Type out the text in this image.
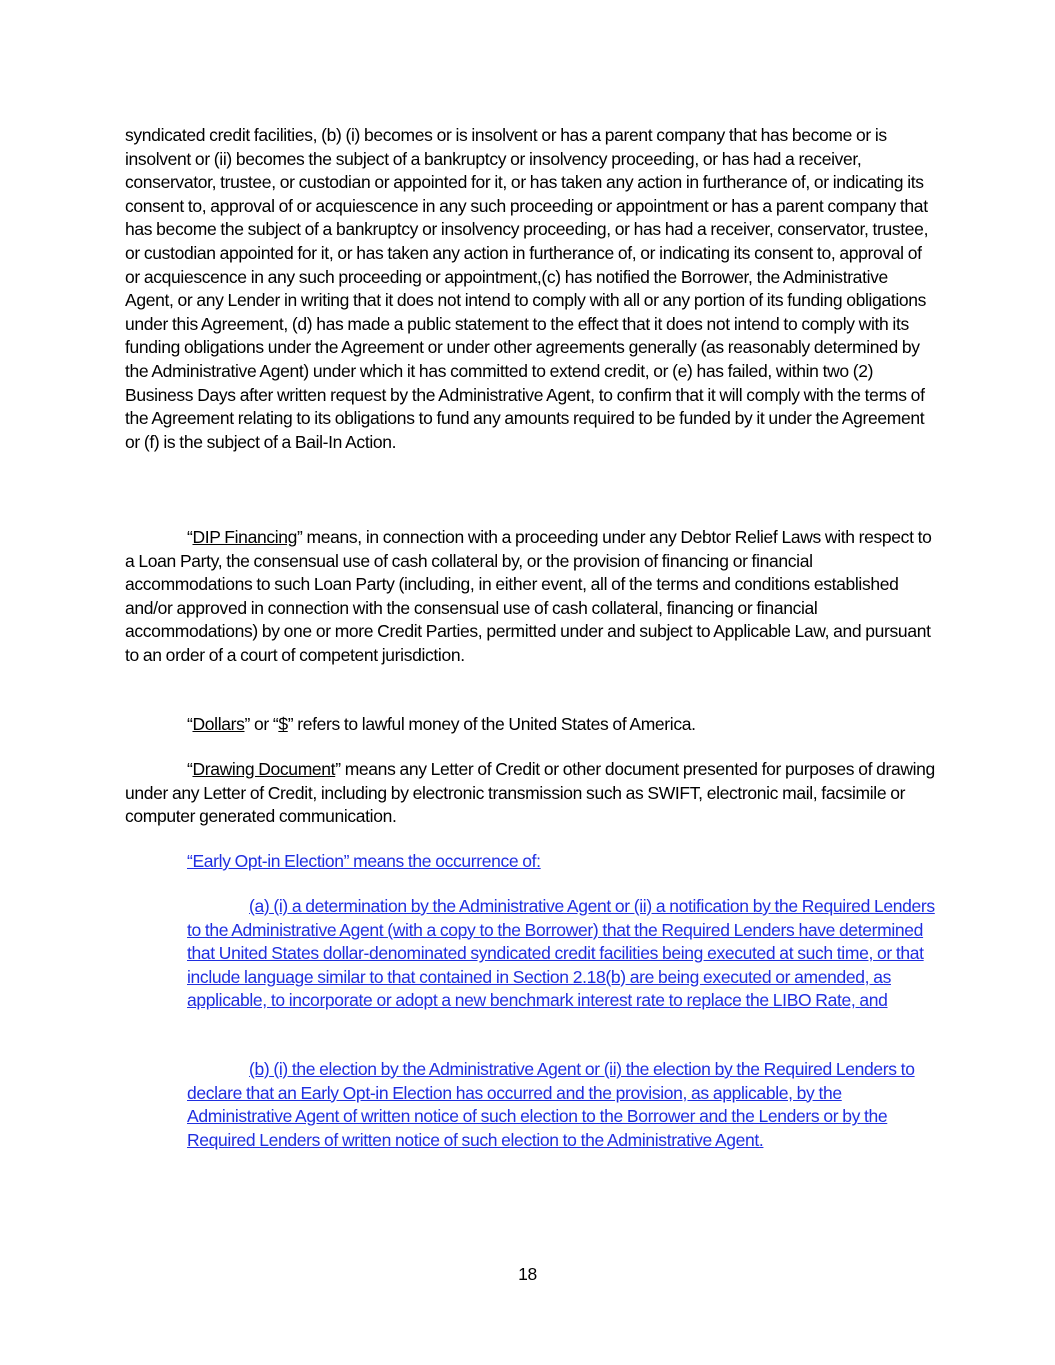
syndicated credit facilities, (b) (i) becomes or is insolvent or has a parent company that has become or is insolvent or (ii) becomes the subject of a bankruptcy or insolvency proceeding, or has had a receiver, conservator, trustee, or custodian or appointed for it, or has taken any action in furtherance of, or indicating its consent to, approval of or acquiescence in any such proceeding or appointment or has a parent company that has become the subject of a bankruptcy or insolvency proceeding, or has had a receiver, conservator, trustee, or custodian appointed for it, or has taken any action in furtherance of, or indicating its consent to, approval of or acquiescence in any such proceeding or appointment,(c) has notified the Borrower, the Administrative Agent, or any Lender in writing that it does not intend to comply with all or any portion of its funding obligations under this Agreement, (d) has made a public statement to the effect that it does not intend to comply with its funding obligations under the Agreement or under other agreements generally (as reasonably determined by the Administrative Agent) under which it has committed to extend credit, or (e) has failed, within two (2) Business Days after written request by the Administrative Agent, to confirm that it will comply with the terms of the Agreement relating to its obligations to fund any amounts required to be funded by it under the Agreement or (f) is the subject of a Bail-In Action.

“DIP Financing” means, in connection with a proceeding under any Debtor Relief Laws with respect to a Loan Party, the consensual use of cash collateral by, or the provision of financing or financial accommodations to such Loan Party (including, in either event, all of the terms and conditions established and/or approved in connection with the consensual use of cash collateral, financing or financial accommodations) by one or more Credit Parties, permitted under and subject to Applicable Law, and pursuant to an order of a court of competent jurisdiction.

“Dollars” or “$” refers to lawful money of the United States of America.

“Drawing Document” means any Letter of Credit or other document presented for purposes of drawing under any Letter of Credit, including by electronic transmission such as SWIFT, electronic mail, facsimile or computer generated communication.

“Early Opt-in Election” means the occurrence of:

(a) (i) a determination by the Administrative Agent or (ii) a notification by the Required Lenders to the Administrative Agent (with a copy to the Borrower) that the Required Lenders have determined that United States dollar-denominated syndicated credit facilities being executed at such time, or that include language similar to that contained in Section 2.18(b) are being executed or amended, as applicable, to incorporate or adopt a new benchmark interest rate to replace the LIBO Rate, and

(b) (i) the election by the Administrative Agent or (ii) the election by the Required Lenders to declare that an Early Opt-in Election has occurred and the provision, as applicable, by the Administrative Agent of written notice of such election to the Borrower and the Lenders or by the Required Lenders of written notice of such election to the Administrative Agent.

18
